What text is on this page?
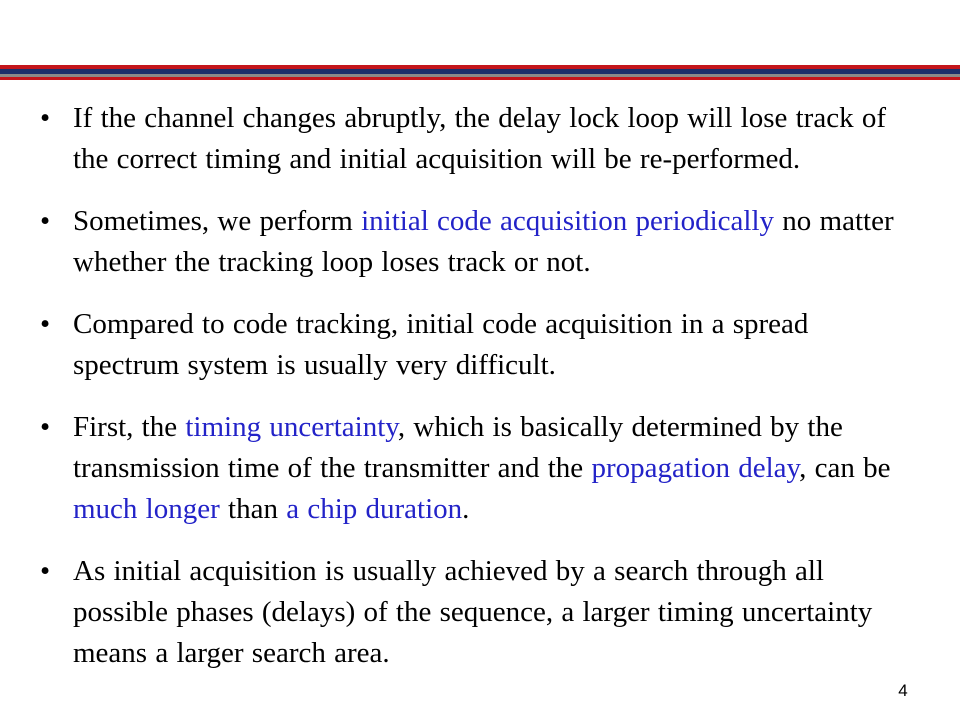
• If the channel changes abruptly, the delay lock loop will lose track of the correct timing and initial acquisition will be re-performed.
• Sometimes, we perform initial code acquisition periodically no matter whether the tracking loop loses track or not.
• Compared to code tracking, initial code acquisition in a spread spectrum system is usually very difficult.
• First, the timing uncertainty, which is basically determined by the transmission time of the transmitter and the propagation delay, can be much longer than a chip duration.
• As initial acquisition is usually achieved by a search through all possible phases (delays) of the sequence, a larger timing uncertainty means a larger search area.
4
